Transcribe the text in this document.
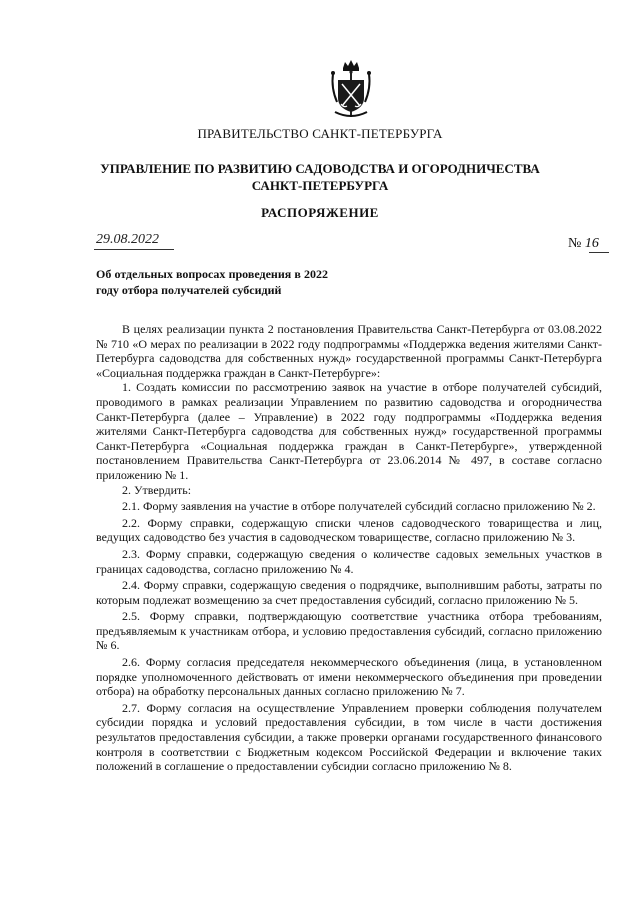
ПРАВИТЕЛЬСТВО САНКТ-ПЕТЕРБУРГА
УПРАВЛЕНИЕ ПО РАЗВИТИЮ САДОВОДСТВА И ОГОРОДНИЧЕСТВА САНКТ-ПЕТЕРБУРГА
РАСПОРЯЖЕНИЕ
29.08.2022	№ 16
Об отдельных вопросах проведения в 2022 году отбора получателей субсидий

В целях реализации пункта 2 постановления Правительства Санкт-Петербурга от 03.08.2022 № 710 «О мерах по реализации в 2022 году подпрограммы «Поддержка ведения жителями Санкт-Петербурга садоводства для собственных нужд» государственной программы Санкт-Петербурга «Социальная поддержка граждан в Санкт-Петербурге»:

1. Создать комиссии по рассмотрению заявок на участие в отборе получателей субсидий, проводимого в рамках реализации Управлением по развитию садоводства и огородничества Санкт-Петербурга (далее – Управление) в 2022 году подпрограммы «Поддержка ведения жителями Санкт-Петербурга садоводства для собственных нужд» государственной программы Санкт-Петербурга «Социальная поддержка граждан в Санкт-Петербурге», утвержденной постановлением Правительства Санкт-Петербурга от 23.06.2014 № 497, в составе согласно приложению № 1.

2. Утвердить:

2.1. Форму заявления на участие в отборе получателей субсидий согласно приложению № 2.

2.2. Форму справки, содержащую списки членов садоводческого товарищества и лиц, ведущих садоводство без участия в садоводческом товариществе, согласно приложению № 3.

2.3. Форму справки, содержащую сведения о количестве садовых земельных участков в границах садоводства, согласно приложению № 4.

2.4. Форму справки, содержащую сведения о подрядчике, выполнившим работы, затраты по которым подлежат возмещению за счет предоставления субсидий, согласно приложению № 5.

2.5. Форму справки, подтверждающую соответствие участника отбора требованиям, предъявляемым к участникам отбора, и условию предоставления субсидий, согласно приложению № 6.

2.6. Форму согласия председателя некоммерческого объединения (лица, в установленном порядке уполномоченного действовать от имени некоммерческого объединения при проведении отбора) на обработку персональных данных согласно приложению № 7.

2.7. Форму согласия на осуществление Управлением проверки соблюдения получателем субсидии порядка и условий предоставления субсидии, в том числе в части достижения результатов предоставления субсидии, а также проверки органами государственного финансового контроля в соответствии с Бюджетным кодексом Российской Федерации и включение таких положений в соглашение о предоставлении субсидии согласно приложению № 8.
